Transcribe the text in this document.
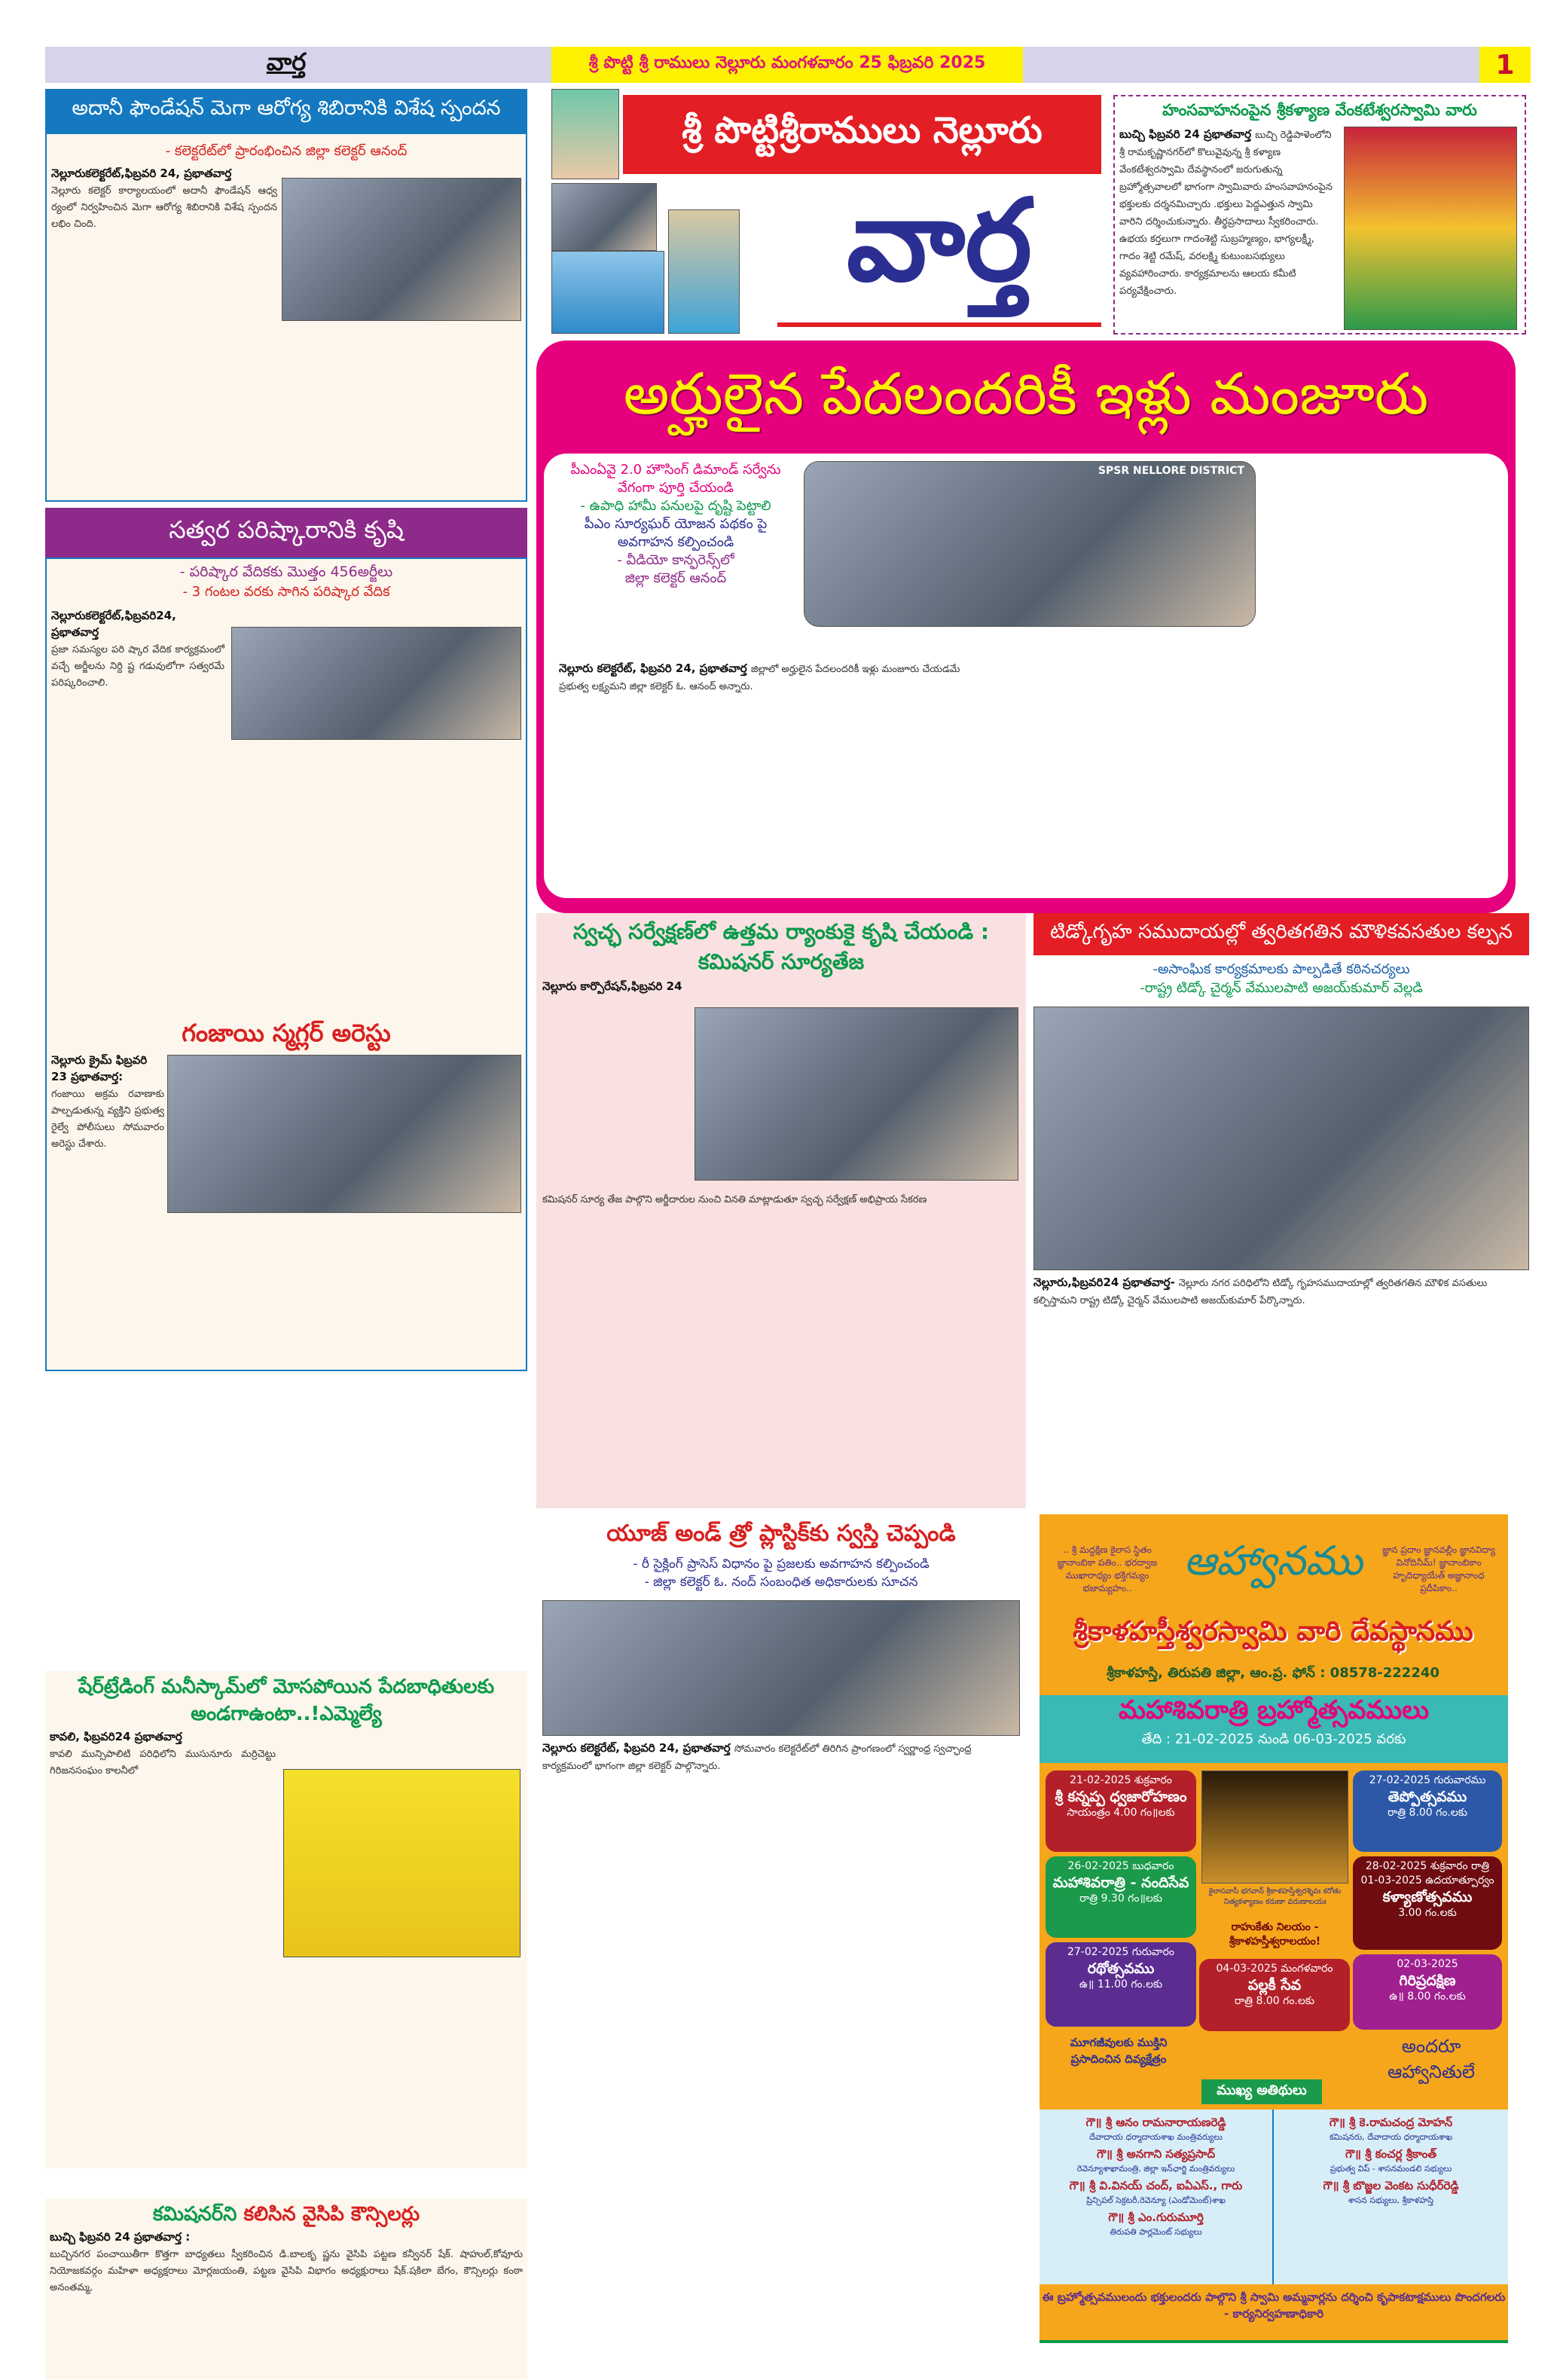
వార్త	శ్రీ పొట్టి శ్రీ రాములు నెల్లూరు మంగళవారం 25 ఫిబ్రవరి 2025	1
అదానీ ఫౌండేషన్ మెగా ఆరోగ్య శిబిరానికి విశేష స్పందన
- కలెక్టరేట్‌లో ప్రారంభించిన జిల్లా కలెక్టర్ ఆనంద్
నెల్లూరుకలెక్టరేట్,ఫిబ్రవరి 24, ప్రభాతవార్త
నెల్లూరు కలెక్టర్ కార్యాలయంలో అదానీ ఫౌండేషన్ ఆధ్వ ర్యంలో నిర్వహించిన మెగా ఆరోగ్య శిబిరానికి విశేష స్పందన లభిం చింది.
సత్వర పరిష్కారానికి కృషి
- పరిష్కార వేదికకు మొత్తం 456అర్జీలు
- 3 గంటల వరకు సాగిన పరిష్కార వేదిక
నెల్లూరుకలెక్టరేట్,ఫిబ్రవరి24, ప్రభాతవార్త
ప్రజా సమస్యల పరి ష్కార వేదిక కార్యక్రమంలో వచ్చే అర్జీలను నిర్ది ష్ట గడువులోగా సత్వరమే పరిష్కరించాలి.
గంజాయి స్మగ్లర్ అరెస్టు
నెల్లూరు క్రైమ్ ఫిబ్రవరి 23 ప్రభాతవార్త:
గంజాయి అక్రమ రవాణాకు పాల్పడుతున్న వ్యక్తిని ప్రభుత్వ రైల్వే పోలీసులు సోమవారం అరెస్టు చేశారు.
షేర్‌ట్రేడింగ్ మనీస్కామ్‌లో మోసపోయిన పేదబాధితులకు
అండగాఉంటా..!ఎమ్మెల్యే
కావలి, ఫిబ్రవరి24 ప్రభాతవార్త
కావలి మున్సిపాలిటి పరిధిలోని ముసునూరు మర్రిచెట్టు గిరిజనసంఘం కాలనీలో
కమిషనర్‌ని కలిసిన వైసిపి కౌన్సిలర్లు
బుచ్చి ఫిబ్రవరి 24 ప్రభాతవార్త :
బుచ్చినగర పంచాయితీగా కొత్తగా బాధ్యతలు స్వీకరించిన డి.బాలకృ ష్ణను వైసిపి పట్టణ కన్వీనర్ షేక్. షాహుల్,కోవూరు నియోజకవర్గం మహిళా అధ్యక్షరాలు మోర్లజయంతి, పట్టణ వైసిపి విభాగం అధ్యక్షురాలు షేక్.షకిలా బేగం, కౌన్సిలర్లు కంఠా అనంతమ్మ,
శ్రీ పొట్టిశ్రీరాములు నెల్లూరు
వార్త
హంసవాహనంపైన శ్రీకళ్యాణ వేంకటేశ్వరస్వామి వారు
బుచ్చి ఫిబ్రవరి 24 ప్రభాతవార్త బుచ్చి రెడ్డిపాళెంలోని శ్రీ రామకృష్ణానగర్‌లో కొలువైవున్న శ్రీ కళ్యాణ వేంకటేశ్వరస్వామి దేవస్థానంలో జరుగుతున్న బ్రహ్మోత్సవాలలో భాగంగా స్వామివారు హంసవాహనంపైన భక్తులకు దర్శనమిచ్చారు .భక్తులు పెద్దఎత్తున స్వామి వారిని దర్శించుకున్నారు. తీర్థప్రసాదాలు స్వీకరించారు. ఉభయ కర్తలుగా గాదంశెట్టి సుబ్రహ్మణ్యం, భాగ్యలక్ష్మీ, గాదం శెట్టి రమేష్, వరలక్ష్మి కుటుంబసభ్యులు వ్యవహారించారు. కార్యక్రమాలను ఆలయ కమీటి పర్యవేక్షించారు.
అర్హులైన పేదలందరికీ ఇళ్లు మంజూరు
పీఎంఏవై 2.0 హౌసింగ్ డిమాండ్ సర్వేను వేగంగా పూర్తి చేయండి
- ఉపాధి హామీ పనులపై దృష్టి పెట్టాలి
పీఎం సూర్యఘర్ యోజన పథకం పై అవగాహన కల్పించండి
- వీడియో కాన్ఫరెన్స్‌లో
జిల్లా కలెక్టర్ ఆనంద్
SPSR NELLORE DISTRICT
నెల్లూరు కలెక్టరేట్, ఫిబ్రవరి 24, ప్రభాతవార్త జిల్లాలో అర్హులైన పేదలందరికీ ఇళ్లు మంజూరు చేయడమే ప్రభుత్వ లక్ష్యమని జిల్లా కలెక్టర్ ఓ. ఆనంద్ అన్నారు.
స్వచ్ఛ సర్వేక్షణ్‌లో ఉత్తమ ర్యాంకుకై కృషి చేయండి :
కమిషనర్ సూర్యతేజ
నెల్లూరు కార్పొరేషన్,ఫిబ్రవరి 24
కమిషనర్ సూర్య తేజ పాల్గొని అర్జీదారుల నుంచి వినతి మాట్లాడుతూ స్వచ్ఛ సర్వేక్షణ్ అభిప్రాయ సేకరణ
టిడ్కోగృహ సముదాయల్లో త్వరితగతిన మౌళికవసతుల కల్పన
-అసాంఘిక కార్యక్రమాలకు పాల్పడితే కఠినచర్యలు
-రాష్ట్ర టిడ్కో చైర్మన్ వేములపాటి అజయ్‌కుమార్ వెల్లడి
నెల్లూరు,ఫిబ్రవరి24 ప్రభాతవార్త- నెల్లూరు నగర పరిధిలోని టిడ్కో గృహసముదాయాల్లో త్వరితగతిన మౌళిక వసతులు కల్పిస్తామని రాష్ట్ర టిడ్కో చైర్మన్ వేములపాటి అజయ్‌కుమార్ పేర్కొన్నారు.
యూజ్ అండ్ త్రో ప్లాస్టిక్‌కు స్వస్తి చెప్పండి
- రీ సైక్లింగ్ ప్రాసెస్ విధానం పై ప్రజలకు అవగాహన కల్పించండి
- జిల్లా కలెక్టర్ ఓ. నంద్ సంబంధిత అధికారులకు సూచన
నెల్లూరు కలెక్టరేట్, ఫిబ్రవరి 24, ప్రభాతవార్త సోమవారం కలెక్టరేట్‌లో తిరిగిన ప్రాంగణంలో స్వర్ణాంధ్ర స్వచ్ఛాంధ్ర కార్యక్రమంలో భాగంగా జిల్లా కలెక్టర్ పాల్గొన్నారు.
.. శ్రీ మద్దక్షిణ కైలాస స్థితం జ్ఞానాంబికా పతిం.. భరద్వాజ ముఖారాధ్యం భక్తిగమ్యం భజామ్యహం..
ఆహ్వానము	జ్ఞాన ప్రదాం జ్ఞానవల్లీం జ్ఞానవిద్యా వినోదినీమ్! జ్ఞానాంబికాం హృదిధ్యాయేత్ అజ్ఞానాంధ ప్రదీపికాం..
శ్రీకాళహస్తీశ్వరస్వామి వారి దేవస్థానము
శ్రీకాళహస్తి, తిరుపతి జిల్లా, ఆం.ప్ర. ఫోన్ : 08578-222240
మహాశివరాత్రి బ్రహ్మోత్సవములు
తేది : 21-02-2025 నుండి 06-03-2025 వరకు
21-02-2025 శుక్రవారం
శ్రీ కన్నప్ప ధ్వజారోహణం
సాయంత్రం 4.00 గం॥లకు
26-02-2025 బుధవారం
మహాశివరాత్రి - నందిసేవ
రాత్రి 9.30 గం॥లకు
27-02-2025 గురువారం
రథోత్సవము
ఉ॥ 11.00 గం.లకు
27-02-2025 గురువారము
తెప్పోత్సవము
రాత్రి 8.00 గం.లకు
28-02-2025 శుక్రవారం రాత్రి 01-03-2025 ఉదయాత్పూర్వం
కళ్యాణోత్సవము
3.00 గం.లకు
02-03-2025
గిరిప్రదక్షిణ
ఉ॥ 8.00 గం.లకు
04-03-2025 మంగళవారం
పల్లకీ సేవ
రాత్రి 8.00 గం.లకు
కైలాసవాసీ భగవాన్ శ్రీకాళహస్తీశ్వరశ్శివః కరోతు నిత్యకళ్యాణం కరుణా వరుణాలయః
రాహుకేతు నిలయం - శ్రీకాళహస్తీశ్వరాలయం!
మూగజీవులకు ముక్తిని ప్రసాదించిన దివ్యక్షేత్రం
అందరూ ఆహ్వానితులే
ముఖ్య అతిథులు
గౌ॥ శ్రీ ఆనం రామనారాయణరెడ్డి
దేవాదాయ ధర్మాదాయశాఖ మంత్రివర్యులు
గౌ॥ శ్రీ అనగాని సత్యప్రసాద్
రెవెన్యూశాఖామంత్రి, జిల్లా ఇన్‌ఛార్జి మంత్రివర్యులు
గౌ॥ శ్రీ వి.వినయ్ చంద్, ఐఏఎస్., గారు
ప్రిన్సిపల్ సెక్రటరీ,రెవెన్యూ (ఎండోమెంట్)శాఖ
గౌ॥ శ్రీ ఎం.గురుమూర్తి
తిరుపతి పార్లమెంట్ సభ్యులు
గౌ॥ శ్రీ కె.రామచంద్ర మోహన్
కమిషనరు, దేవాదాయ ధర్మాదాయశాఖ
గౌ॥ శ్రీ కంచర్ల శ్రీకాంత్
ప్రభుత్వ విప్ - శాసనమండలి సభ్యులు
గౌ॥ శ్రీ బొజ్జల వెంకట సుధీర్‌రెడ్డి
శాసన సభ్యులు, శ్రీకాళహస్తి
ఈ బ్రహ్మోత్సవములందు భక్తులందరు పాల్గొని శ్రీ స్వామి అమ్మవార్లను దర్శించి కృపాకటాక్షములు పొందగలరు - కార్యనిర్వహణాధికారి
